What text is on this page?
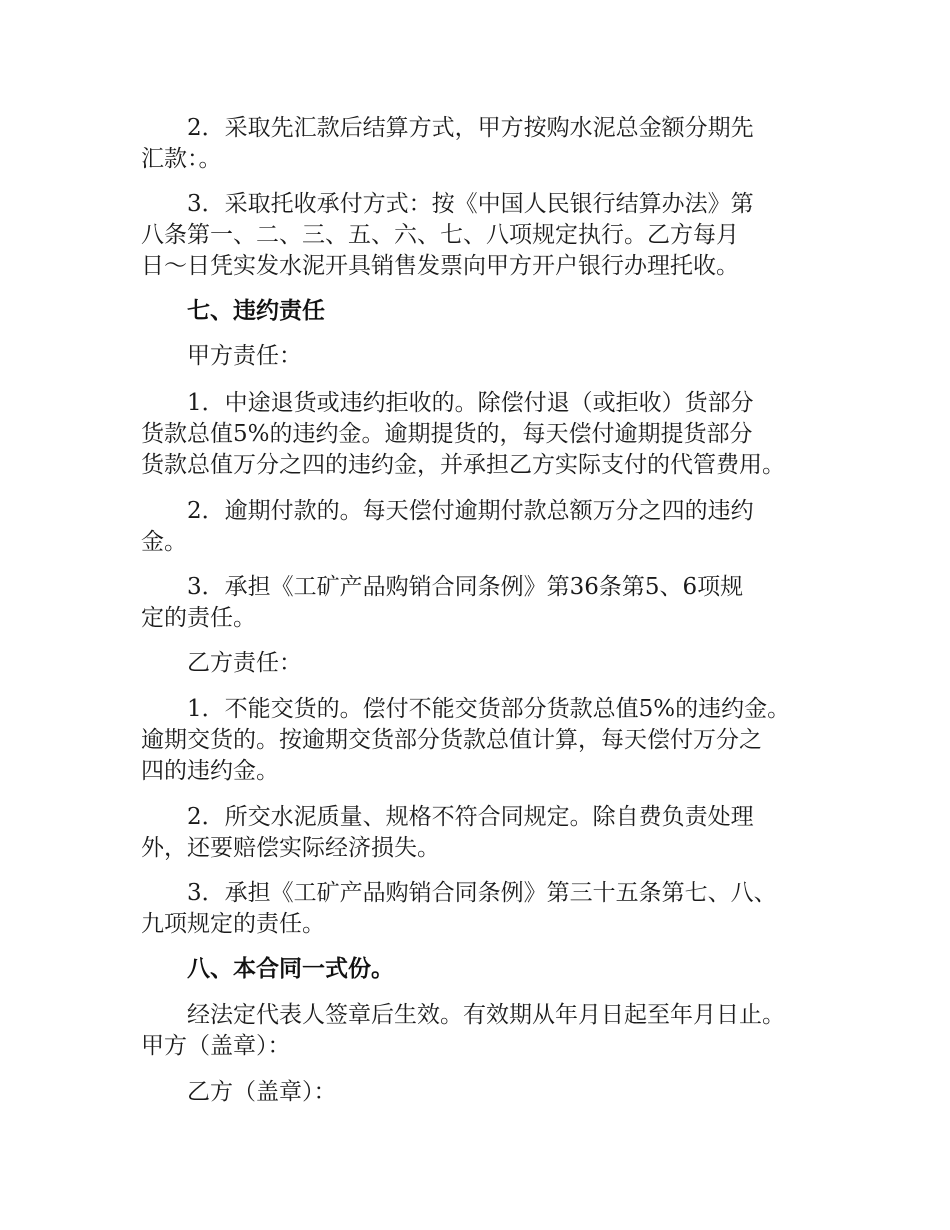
2．采取先汇款后结算方式，甲方按购水泥总金额分期先
汇款：。
3．采取托收承付方式：按《中国人民银行结算办法》第
八条第一、二、三、五、六、七、八项规定执行。乙方每月
日～日凭实发水泥开具销售发票向甲方开户银行办理托收。
七、违约责任
甲方责任：
1．中途退货或违约拒收的。除偿付退（或拒收）货部分
货款总值5%的违约金。逾期提货的，每天偿付逾期提货部分
货款总值万分之四的违约金，并承担乙方实际支付的代管费用。
2．逾期付款的。每天偿付逾期付款总额万分之四的违约
金。
3．承担《工矿产品购销合同条例》第36条第5、6项规
定的责任。
乙方责任：
1．不能交货的。偿付不能交货部分货款总值5%的违约金。
逾期交货的。按逾期交货部分货款总值计算，每天偿付万分之
四的违约金。
2．所交水泥质量、规格不符合同规定。除自费负责处理
外，还要赔偿实际经济损失。
3．承担《工矿产品购销合同条例》第三十五条第七、八、
九项规定的责任。
八、本合同一式份。
经法定代表人签章后生效。有效期从年月日起至年月日止。
甲方（盖章）：
乙方（盖章）：
